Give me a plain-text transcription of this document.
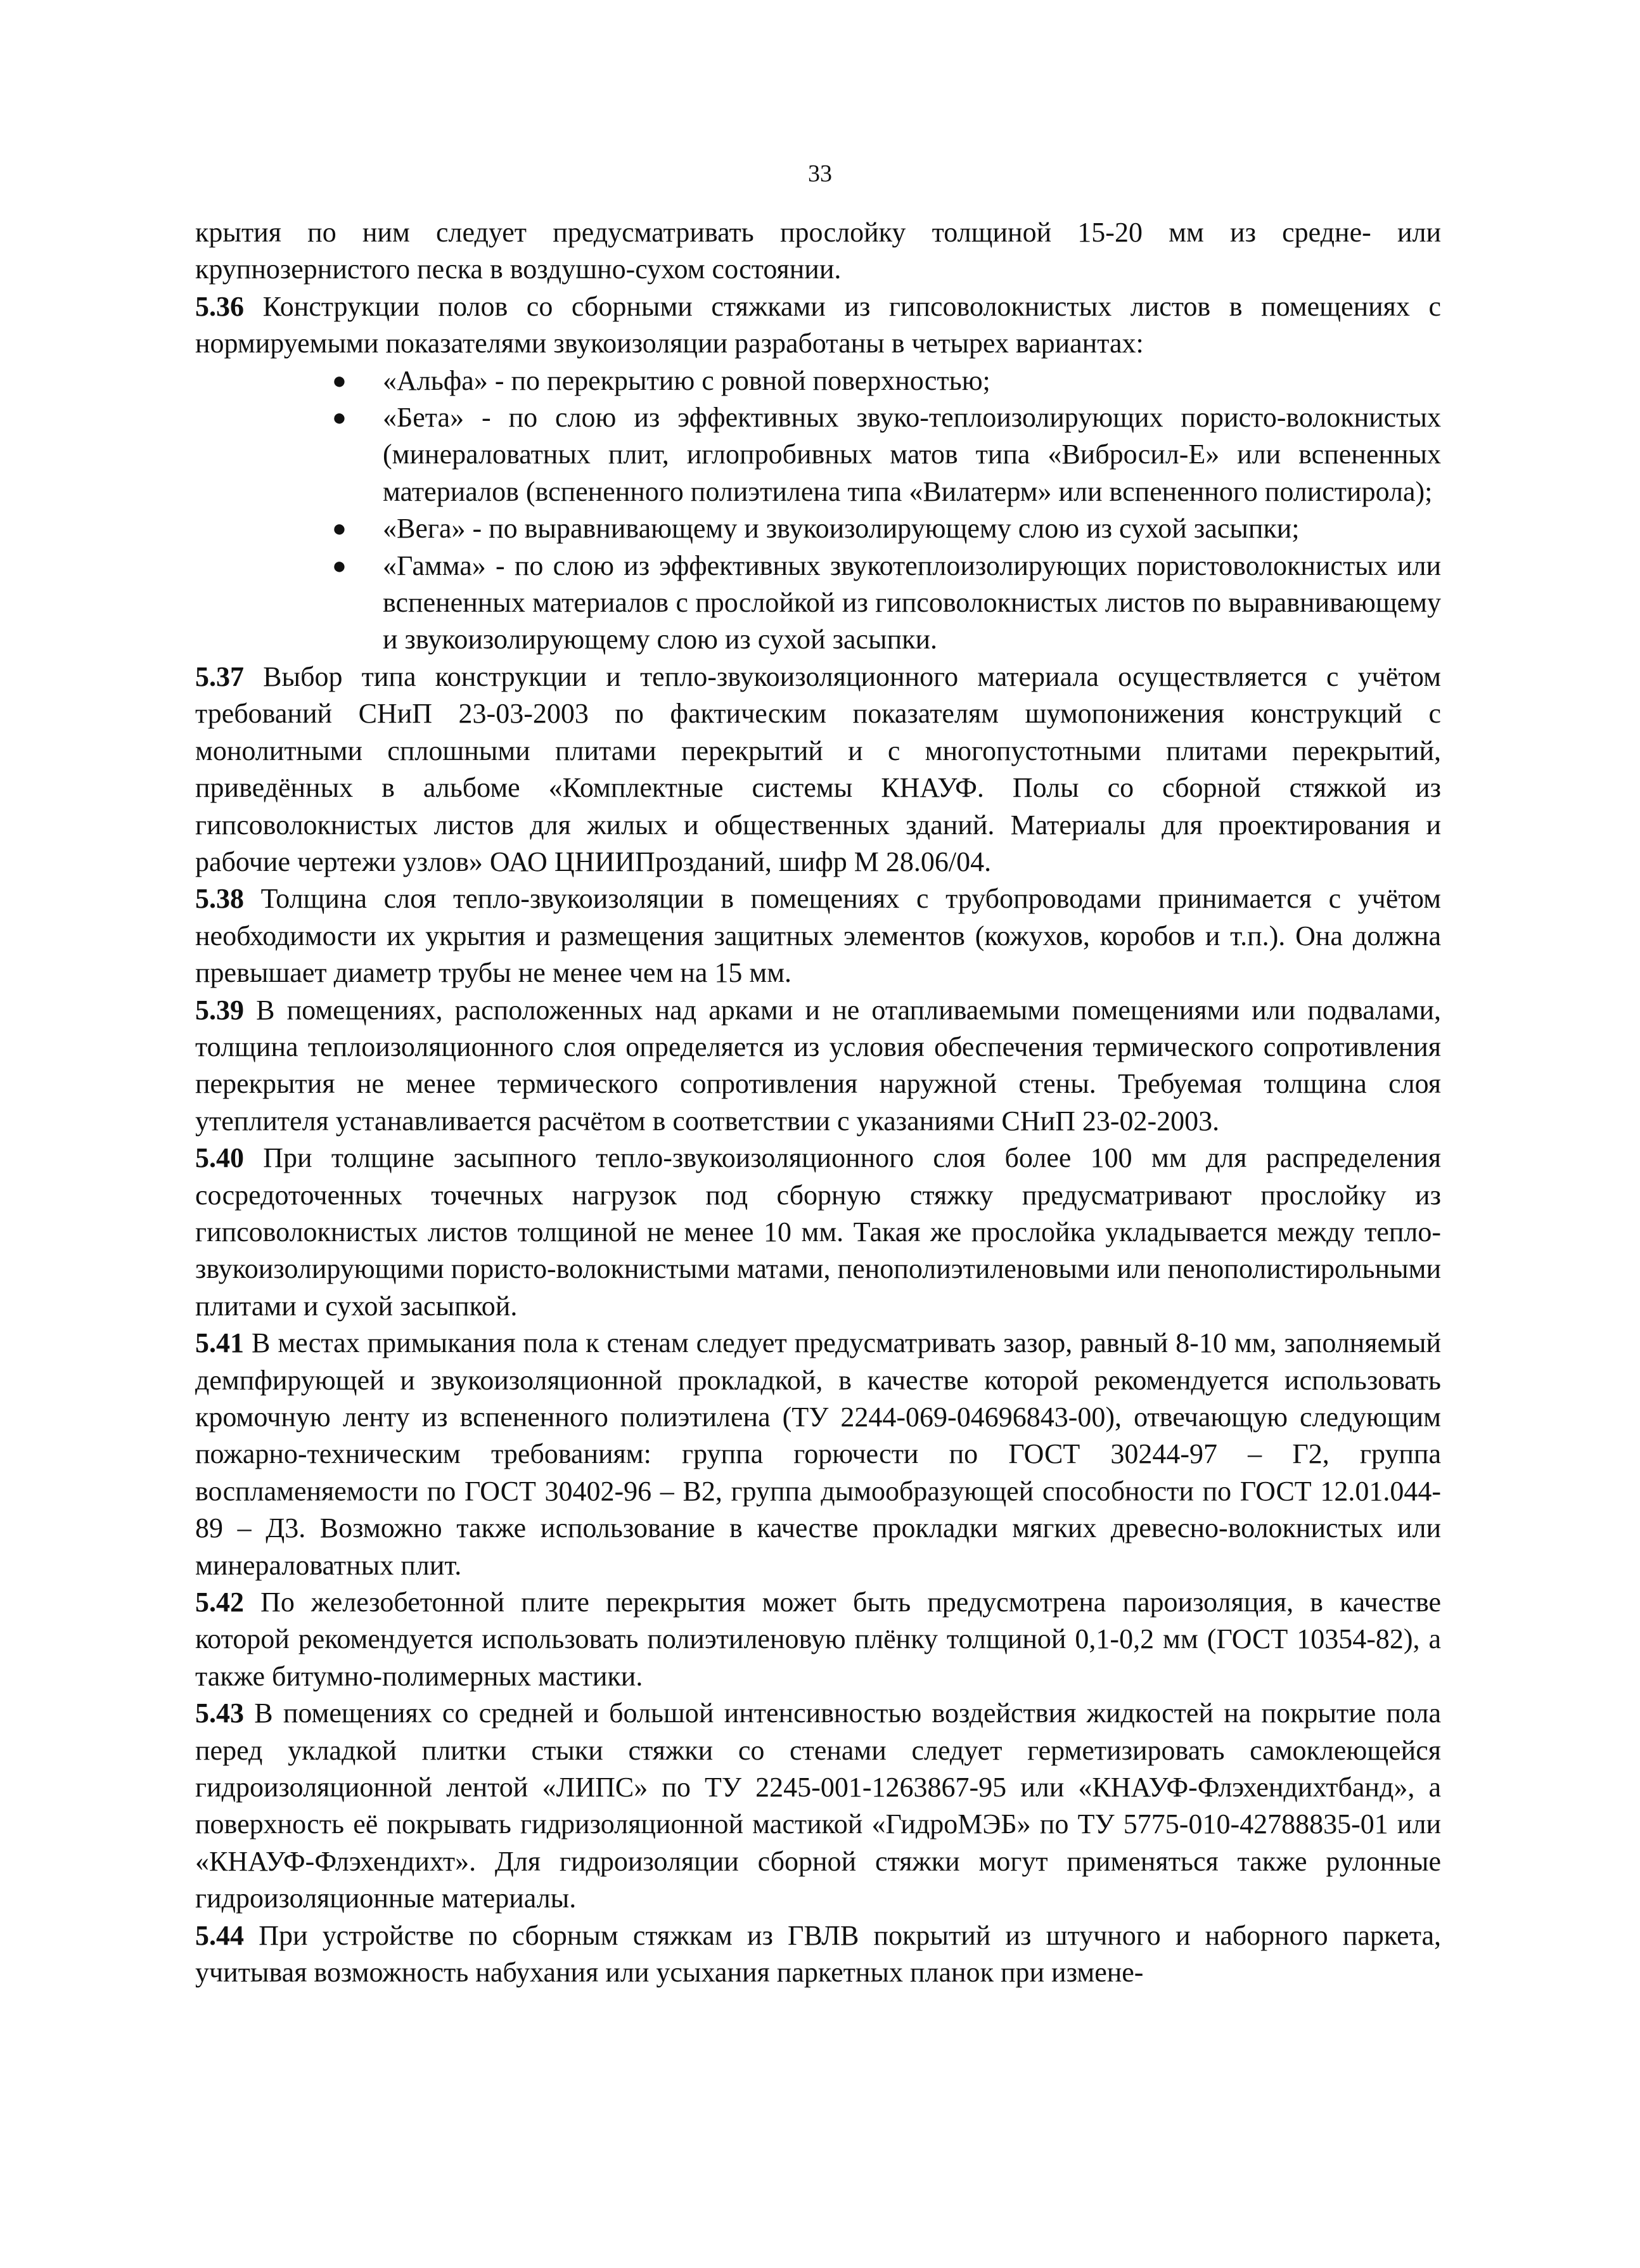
33

крытия по ним следует предусматривать прослойку толщиной 15-20 мм из средне- или крупнозернистого песка в воздушно-сухом состоянии.

5.36 Конструкции полов со сборными стяжками из гипсоволокнистых листов в помещениях с нормируемыми показателями звукоизоляции разработаны в четырех вариантах:

● «Альфа» - по перекрытию с ровной поверхностью;
● «Бета» - по слою из эффективных звуко-теплоизолирующих пористо-волокнистых (минераловатных плит, иглопробивных матов типа «Вибросил-Е» или вспененных материалов (вспененного полиэтилена типа «Вилатерм» или вспененного полистирола);
● «Вега» - по выравнивающему и звукоизолирующему слою из сухой засыпки;
● «Гамма» - по слою из эффективных звукотеплоизолирующих пористоволокнистых или вспененных материалов с прослойкой из гипсоволокнистых листов по выравнивающему и звукоизолирующему слою из сухой засыпки.

5.37 Выбор типа конструкции и тепло-звукоизоляционного материала осуществляется с учётом требований СНиП 23-03-2003 по фактическим показателям шумопонижения конструкций с монолитными сплошными плитами перекрытий и с многопустотными плитами перекрытий, приведённых в альбоме «Комплектные системы КНАУФ. Полы со сборной стяжкой из гипсоволокнистых листов для жилых и общественных зданий. Материалы для проектирования и рабочие чертежи узлов» ОАО ЦНИИПрозданий, шифр М 28.06/04.

5.38 Толщина слоя тепло-звукоизоляции в помещениях с трубопроводами принимается с учётом необходимости их укрытия и размещения защитных элементов (кожухов, коробов и т.п.). Она должна превышает диаметр трубы не менее чем на 15 мм.

5.39 В помещениях, расположенных над арками и не отапливаемыми помещениями или подвалами, толщина теплоизоляционного слоя определяется из условия обеспечения термического сопротивления перекрытия не менее термического сопротивления наружной стены. Требуемая толщина слоя утеплителя устанавливается расчётом в соответствии с указаниями СНиП 23-02-2003.

5.40 При толщине засыпного тепло-звукоизоляционного слоя более 100 мм для распределения сосредоточенных точечных нагрузок под сборную стяжку предусматривают прослойку из гипсоволокнистых листов толщиной не менее 10 мм. Такая же прослойка укладывается между тепло-звукоизолирующими пористо-волокнистыми матами, пенополиэтиленовыми или пенополистирольными плитами и сухой засыпкой.

5.41 В местах примыкания пола к стенам следует предусматривать зазор, равный 8-10 мм, заполняемый демпфирующей и звукоизоляционной прокладкой, в качестве которой рекомендуется использовать кромочную ленту из вспененного полиэтилена (ТУ 2244-069-04696843-00), отвечающую следующим пожарно-техническим требованиям: группа горючести по ГОСТ 30244-97 – Г2, группа воспламеняемости по ГОСТ 30402-96 – В2, группа дымообразующей способности по ГОСТ 12.01.044-89 – Д3. Возможно также использование в качестве прокладки мягких древесно-волокнистых или минераловатных плит.

5.42 По железобетонной плите перекрытия может быть предусмотрена пароизоляция, в качестве которой рекомендуется использовать полиэтиленовую плёнку толщиной 0,1-0,2 мм (ГОСТ 10354-82), а также битумно-полимерных мастики.

5.43 В помещениях со средней и большой интенсивностью воздействия жидкостей на покрытие пола перед укладкой плитки стыки стяжки со стенами следует герметизировать самоклеющейся гидроизоляционной лентой «ЛИПС» по ТУ 2245-001-1263867-95 или «КНАУФ-Флэхендихтбанд», а поверхность её покрывать гидризоляционной мастикой «ГидроМЭБ» по ТУ 5775-010-42788835-01 или «КНАУФ-Флэхендихт». Для гидроизоляции сборной стяжки могут применяться также рулонные гидроизоляционные материалы.

5.44 При устройстве по сборным стяжкам из ГВЛВ покрытий из штучного и наборного паркета, учитывая возможность набухания или усыхания паркетных планок при измене-
